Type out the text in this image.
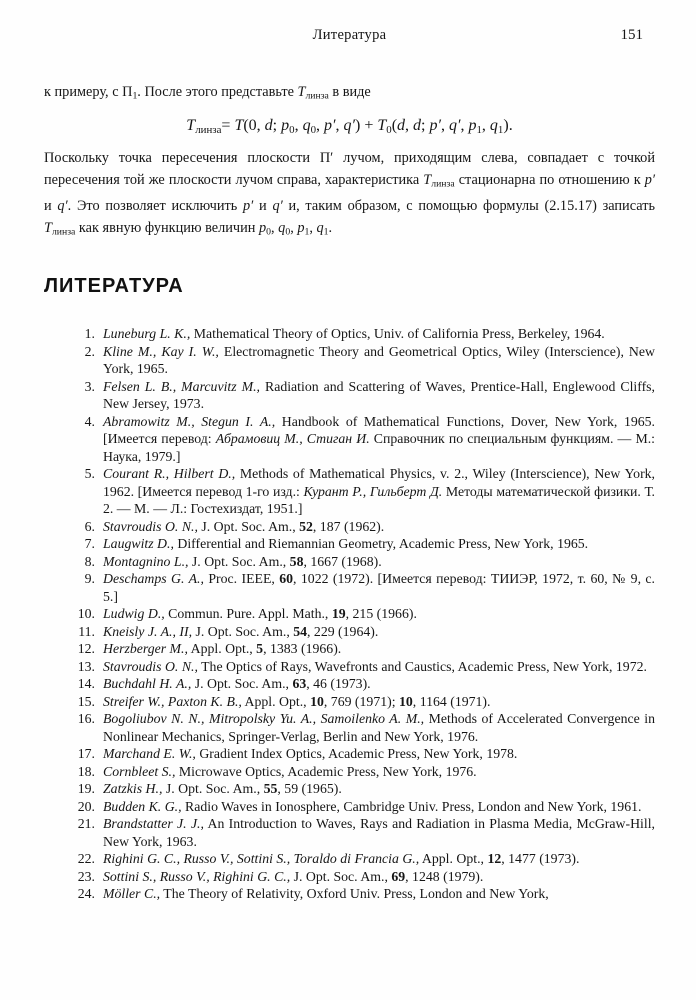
Литература	151

к примеру, с $П_1$. После этого представьте $T_{линза}$ в виде

$T_{линза}= T(0$, d; $p_0$, $q_0$, p′, $q') + T_0(d$, d; p′, q′, $p_1$, $q_1$).

Поскольку точка пересечения плоскости П′ лучом, приходящим слева, совпадает с точкой пересечения той же плоскости лучом справа, характеристика $T_{линза}$ стационарна по отношению к p′ и q′. Это позволяет исключить p′ и q′ и, таким образом, с помощью формулы (2.15.17) записать $T_{линза}$ как явную функцию величин $p_0$, $q_0$, $p_1$, $q_1$.

ЛИТЕРАТУРА
1. Luneburg L. K., Mathematical Theory of Optics, Univ. of California Press, Berkeley, 1964.
2. Kline M., Kay I. W., Electromagnetic Theory and Geometrical Optics, Wiley (Interscience), New York, 1965.
3. Felsen L. B., Marcuvitz M., Radiation and Scattering of Waves, Prentice-Hall, Englewood Cliffs, New Jersey, 1973.
4. Abramowitz M., Stegun I. A., Handbook of Mathematical Functions, Dover, New York, 1965. [Имеется перевод: Абрамовиц М., Стиган И. Справочник по специальным функциям. — М.: Наука, 1979.]
5. Courant R., Hilbert D., Methods of Mathematical Physics, v. 2., Wiley (Interscience), New York, 1962. [Имеется перевод 1-го изд.: Курант Р., Гильберт Д. Методы математической физики. Т. 2. — М. — Л.: Гостехиздат, 1951.]
6. Stavroudis O. N., J. Opt. Soc. Am., 52, 187 (1962).
7. Laugwitz D., Differential and Riemannian Geometry, Academic Press, New York, 1965.
8. Montagnino L., J. Opt. Soc. Am., 58, 1667 (1968).
9. Deschamps G. A., Proc. IEEE, 60, 1022 (1972). [Имеется перевод: ТИИЭР, 1972, т. 60, № 9, с. 5.]
10. Ludwig D., Commun. Pure. Appl. Math., 19, 215 (1966).
11. Kneisly J. A., II, J. Opt. Soc. Am., 54, 229 (1964).
12. Herzberger M., Appl. Opt., 5, 1383 (1966).
13. Stavroudis O. N., The Optics of Rays, Wavefronts and Caustics, Academic Press, New York, 1972.
14. Buchdahl H. A., J. Opt. Soc. Am., 63, 46 (1973).
15. Streifer W., Paxton K. B., Appl. Opt., 10, 769 (1971); 10, 1164 (1971).
16. Bogoliubov N. N., Mitropolsky Yu. A., Samoilenko A. M., Methods of Accelerated Convergence in Nonlinear Mechanics, Springer-Verlag, Berlin and New York, 1976.
17. Marchand E. W., Gradient Index Optics, Academic Press, New York, 1978.
18. Cornbleet S., Microwave Optics, Academic Press, New York, 1976.
19. Zatzkis H., J. Opt. Soc. Am., 55, 59 (1965).
20. Budden K. G., Radio Waves in Ionosphere, Cambridge Univ. Press, London and New York, 1961.
21. Brandstatter J. J., An Introduction to Waves, Rays and Radiation in Plasma Media, McGraw-Hill, New York, 1963.
22. Righini G. C., Russo V., Sottini S., Toraldo di Francia G., Appl. Opt., 12, 1477 (1973).
23. Sottini S., Russo V., Righini G. C., J. Opt. Soc. Am., 69, 1248 (1979).
24. Möller C., The Theory of Relativity, Oxford Univ. Press, London and New York,
